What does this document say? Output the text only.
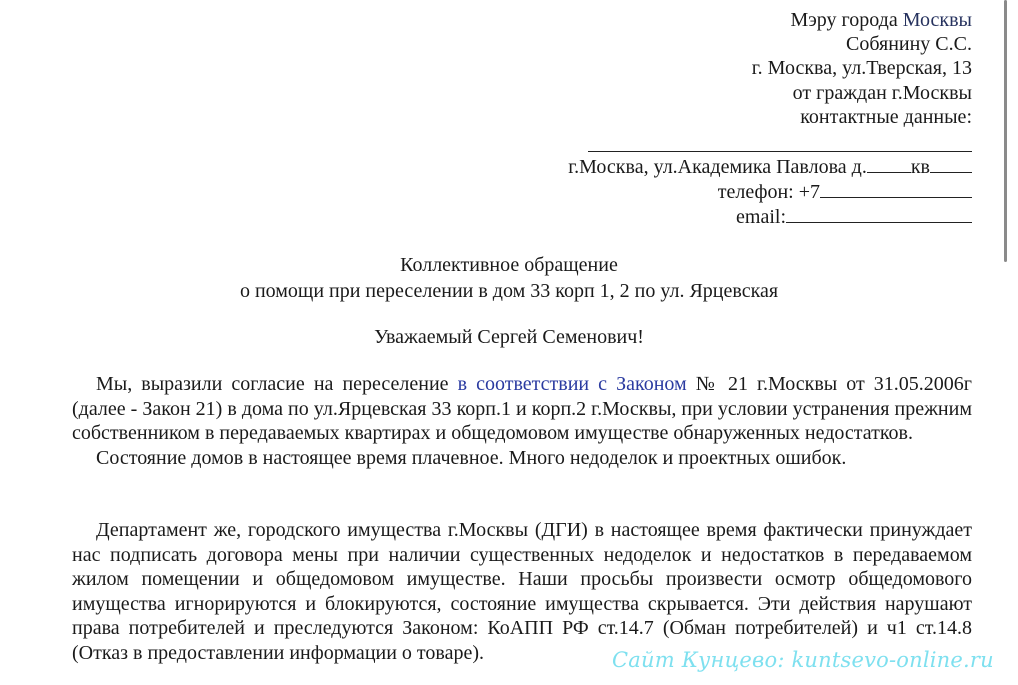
Мэру города Москвы
Собянину С.С.
г. Москва, ул.Тверская, 13
от граждан г.Москвы
контактные данные:
г.Москва, ул.Академика Павлова д. кв
телефон: +7
email:
Коллективное обращение
о помощи при переселении в дом 33 корп 1, 2 по ул. Ярцевская
Уважаемый Сергей Семенович!

Мы, выразили согласие на переселение в соответствии с Законом № 21 г.Москвы от 31.05.2006г (далее - Закон 21) в дома по ул.Ярцевская 33 корп.1 и корп.2 г.Москвы, при условии устранения прежним собственником в передаваемых квартирах и общедомовом имуществе обнаруженных недостатков.

Состояние домов в настоящее время плачевное. Много недоделок и проектных ошибок.

Департамент же, городского имущества г.Москвы (ДГИ) в настоящее время фактически принуждает нас подписать договора мены при наличии существенных недоделок и недостатков в передаваемом жилом помещении и общедомовом имуществе. Наши просьбы произвести осмотр общедомового имущества игнорируются и блокируются, состояние имущества скрывается. Эти действия нарушают права потребителей и преследуются Законом: КоАПП РФ ст.14.7 (Обман потребителей) и ч1 ст.14.8 (Отказ в предоставлении информации о товаре).	Сайт Кунцево: kuntsevo-online.ru
